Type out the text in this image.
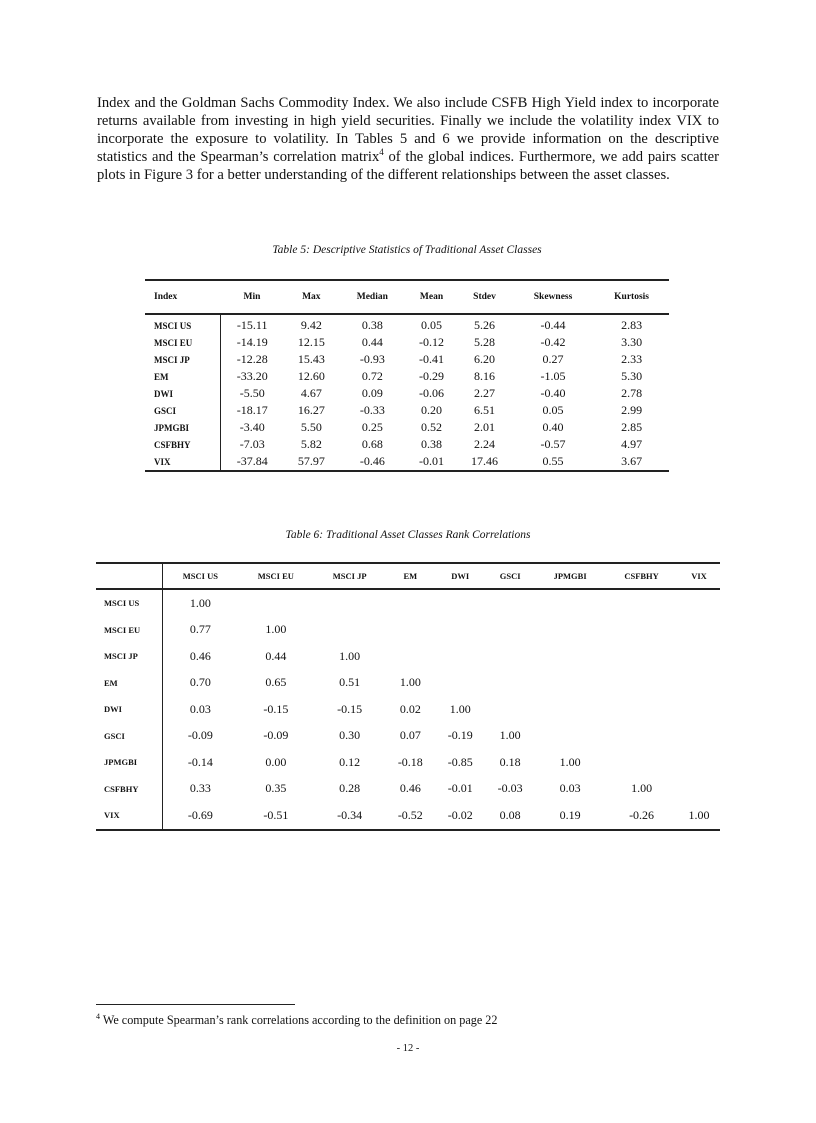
Index and the Goldman Sachs Commodity Index. We also include CSFB High Yield index to incorporate returns available from investing in high yield securities. Finally we include the volatility index VIX to incorporate the exposure to volatility. In Tables 5 and 6 we provide information on the descriptive statistics and the Spearman’s correlation matrix$^4$ of the global indices. Furthermore, we add pairs scatter plots in Figure 3 for a better understanding of the different relationships between the asset classes.

Table 5: Descriptive Statistics of Traditional Asset Classes
Index	Min	Max	Median	Mean	Stdev	Skewness	Kurtosis
MSCI US	-15.11	9.42	0.38	0.05	5.26	-0.44	2.83
MSCI EU	-14.19	12.15	0.44	-0.12	5.28	-0.42	3.30
MSCI JP	-12.28	15.43	-0.93	-0.41	6.20	0.27	2.33
EM	-33.20	12.60	0.72	-0.29	8.16	-1.05	5.30
DWI	-5.50	4.67	0.09	-0.06	2.27	-0.40	2.78
GSCI	-18.17	16.27	-0.33	0.20	6.51	0.05	2.99
JPMGBI	-3.40	5.50	0.25	0.52	2.01	0.40	2.85
CSFBHY	-7.03	5.82	0.68	0.38	2.24	-0.57	4.97
VIX	-37.84	57.97	-0.46	-0.01	17.46	0.55	3.67
Table 6: Traditional Asset Classes Rank Correlations
	MSCI US	MSCI EU	MSCI JP	EM	DWI	GSCI	JPMGBI	CSFBHY	VIX
MSCI US	1.00								
MSCI EU	0.77	1.00							
MSCI JP	0.46	0.44	1.00						
EM	0.70	0.65	0.51	1.00					
DWI	0.03	-0.15	-0.15	0.02	1.00				
GSCI	-0.09	-0.09	0.30	0.07	-0.19	1.00			
JPMGBI	-0.14	0.00	0.12	-0.18	-0.85	0.18	1.00		
CSFBHY	0.33	0.35	0.28	0.46	-0.01	-0.03	0.03	1.00	
VIX	-0.69	-0.51	-0.34	-0.52	-0.02	0.08	0.19	-0.26	1.00
$^4$ We compute Spearman’s rank correlations according to the definition on page 22
- 12 -
